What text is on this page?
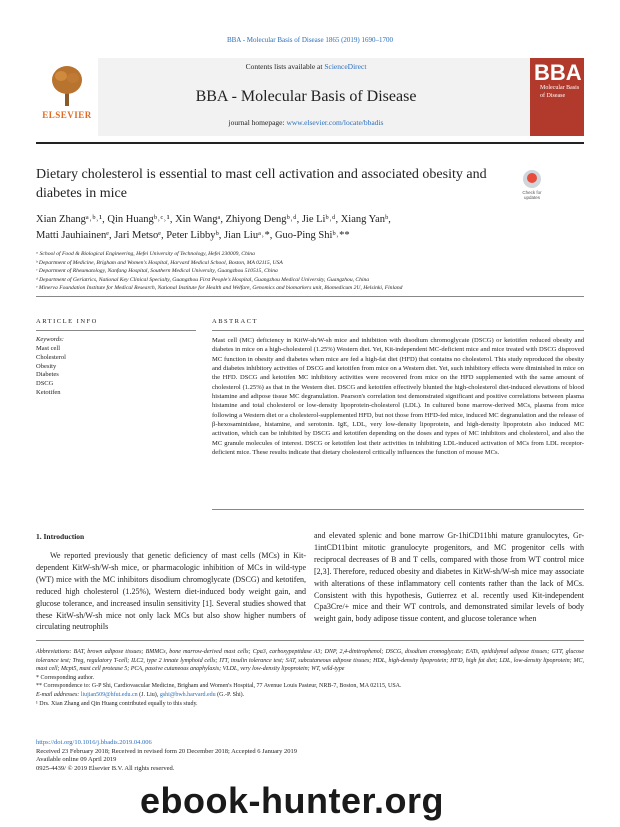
BBA - Molecular Basis of Disease 1865 (2019) 1690–1700
ELSEVIER
Contents lists available at ScienceDirect
BBA - Molecular Basis of Disease
journal homepage: www.elsevier.com/locate/bbadis
BBA
Molecular Basis of Disease
Dietary cholesterol is essential to mast cell activation and associated obesity and diabetes in mice	Check for updates
Xian Zhangᵃ˒ᵇ˒¹, Qin Huangᵇ˒ᶜ˒¹, Xin Wangᵃ, Zhiyong Dengᵇ˒ᵈ, Jie Liᵇ˒ᵈ, Xiang Yanᵇ,
Matti Jauhiainenᵉ, Jari Metsoᵉ, Peter Libbyᵇ, Jian Liuᵃ˒*, Guo-Ping Shiᵇ˒**
ᵃ School of Food & Biological Engineering, Hefei University of Technology, Hefei 230009, China
ᵇ Department of Medicine, Brigham and Women's Hospital, Harvard Medical School, Boston, MA 02115, USA
ᶜ Department of Rheumatology, Nanfang Hospital, Southern Medical University, Guangzhou 510515, China
ᵈ Department of Geriatrics, National Key Clinical Specialty, Guangzhou First People's Hospital, Guangzhou Medical University, Guangzhou, China
ᵉ Minerva Foundation Institute for Medical Research, National Institute for Health and Welfare, Genomics and biomarkers unit, Biomedicum 2U, Helsinki, Finland
ARTICLE INFO
Keywords:
Mast cell
Cholesterol
Obesity
Diabetes
DSCG
Ketotifen
ABSTRACT
Mast cell (MC) deficiency in KitW-sh/W-sh mice and inhibition with disodium chromoglycate (DSCG) or ketotifen reduced obesity and diabetes in mice on a high-cholesterol (1.25%) Western diet. Yet, Kit-independent MC-deficient mice and mice treated with DSCG disproved MC function in obesity and diabetes when mice are fed a high-fat diet (HFD) that contains no cholesterol. This study reproduced the obesity and diabetes inhibitory activities of DSCG and ketotifen from mice on a Western diet. Yet, such inhibitory effects were diminished in mice on the HFD. DSCG and ketotifen MC inhibitory activities were recovered from mice on the HFD supplemented with the same amount of cholesterol (1.25%) as that in the Western diet. DSCG and ketotifen effectively blunted the high-cholesterol diet-induced elevations of blood histamine and adipose tissue MC degranulation. Pearson's correlation test demonstrated significant and positive correlations between plasma histamine and total cholesterol or low-density lipoprotein-cholesterol (LDL). In cultured bone marrow-derived MCs, plasma from mice following a Western diet or a cholesterol-supplemented HFD, but not those from HFD-fed mice, induced MC degranulation and the release of β-hexosaminidase, histamine, and serotonin. IgE, LDL, very low-density lipoprotein, and high-density lipoprotein also induced MC activation, which can be inhibited by DSCG and ketotifen depending on the doses and types of MC inhibitors and cholesterol, and also the MC granule molecules of interest. DSCG or ketotifen lost their activities in inhibiting LDL-induced activation of MCs from LDL receptor-deficient mice. These results indicate that dietary cholesterol critically influences the function of mouse MCs.
1. Introduction
We reported previously that genetic deficiency of mast cells (MCs) in Kit-dependent KitW-sh/W-sh mice, or pharmacologic inhibition of MCs in wild-type (WT) mice with the MC inhibitors disodium chromoglycate (DSCG) and ketotifen, reduced high cholesterol (1.25%), Western diet-induced body weight gain, and glucose tolerance, and increased insulin sensitivity [1]. Several studies showed that these KitW-sh/W-sh mice not only lack MCs but also show higher numbers of circulating neutrophils
and elevated splenic and bone marrow Gr-1hiCD11bhi mature granulocytes, Gr-1intCD11bint mitotic granulocyte progenitors, and MC progenitor cells with reciprocal decreases of B and T cells, compared with those from WT control mice [2,3]. Therefore, reduced obesity and diabetes in KitW-sh/W-sh mice may associate with alterations of these inflammatory cell contents rather than the lack of MCs. Consistent with this hypothesis, Gutierrez et al. recently used Kit-independent Cpa3Cre/+ mice and their WT controls, and demonstrated similar levels of body weight gain, body adipose tissue content, and glucose tolerance when
Abbreviations: BAT, brown adipose tissues; BMMCs, bone marrow-derived mast cells; Cpa3, carboxypeptidase A3; DNP, 2,4-dinitrophenol; DSCG, disodium cromoglycate; EATs, epididymal adipose tissues; GTT, glucose tolerance test; Treg, regulatory T-cell; ILC2, type 2 innate lymphoid cells; ITT, insulin tolerance test; SAT, subcutaneous adipose tissues; HDL, high-density lipoprotein; HFD, high fat diet; LDL, low-density lipoprotein; MC, mast cell; Mcpt5, mast cell protease 5; PCA, passive cutaneous anaphylaxis; VLDL, very low-density lipoprotein; WT, wild-type
* Corresponding author.
** Correspondence to: G-P Shi, Cardiovascular Medicine, Brigham and Women's Hospital, 77 Avenue Louis Pasteur, NRB-7, Boston, MA 02115, USA.
E-mail addresses: liujian509@hfut.edu.cn (J. Liu), gshi@bwh.harvard.edu (G.-P. Shi).
¹ Drs. Xian Zhang and Qin Huang contributed equally to this study.
https://doi.org/10.1016/j.bbadis.2019.04.006
Received 23 February 2018; Received in revised form 20 December 2018; Accepted 6 January 2019
Available online 09 April 2019
0925-4439/ © 2019 Elsevier B.V. All rights reserved.
ebook-hunter.org
